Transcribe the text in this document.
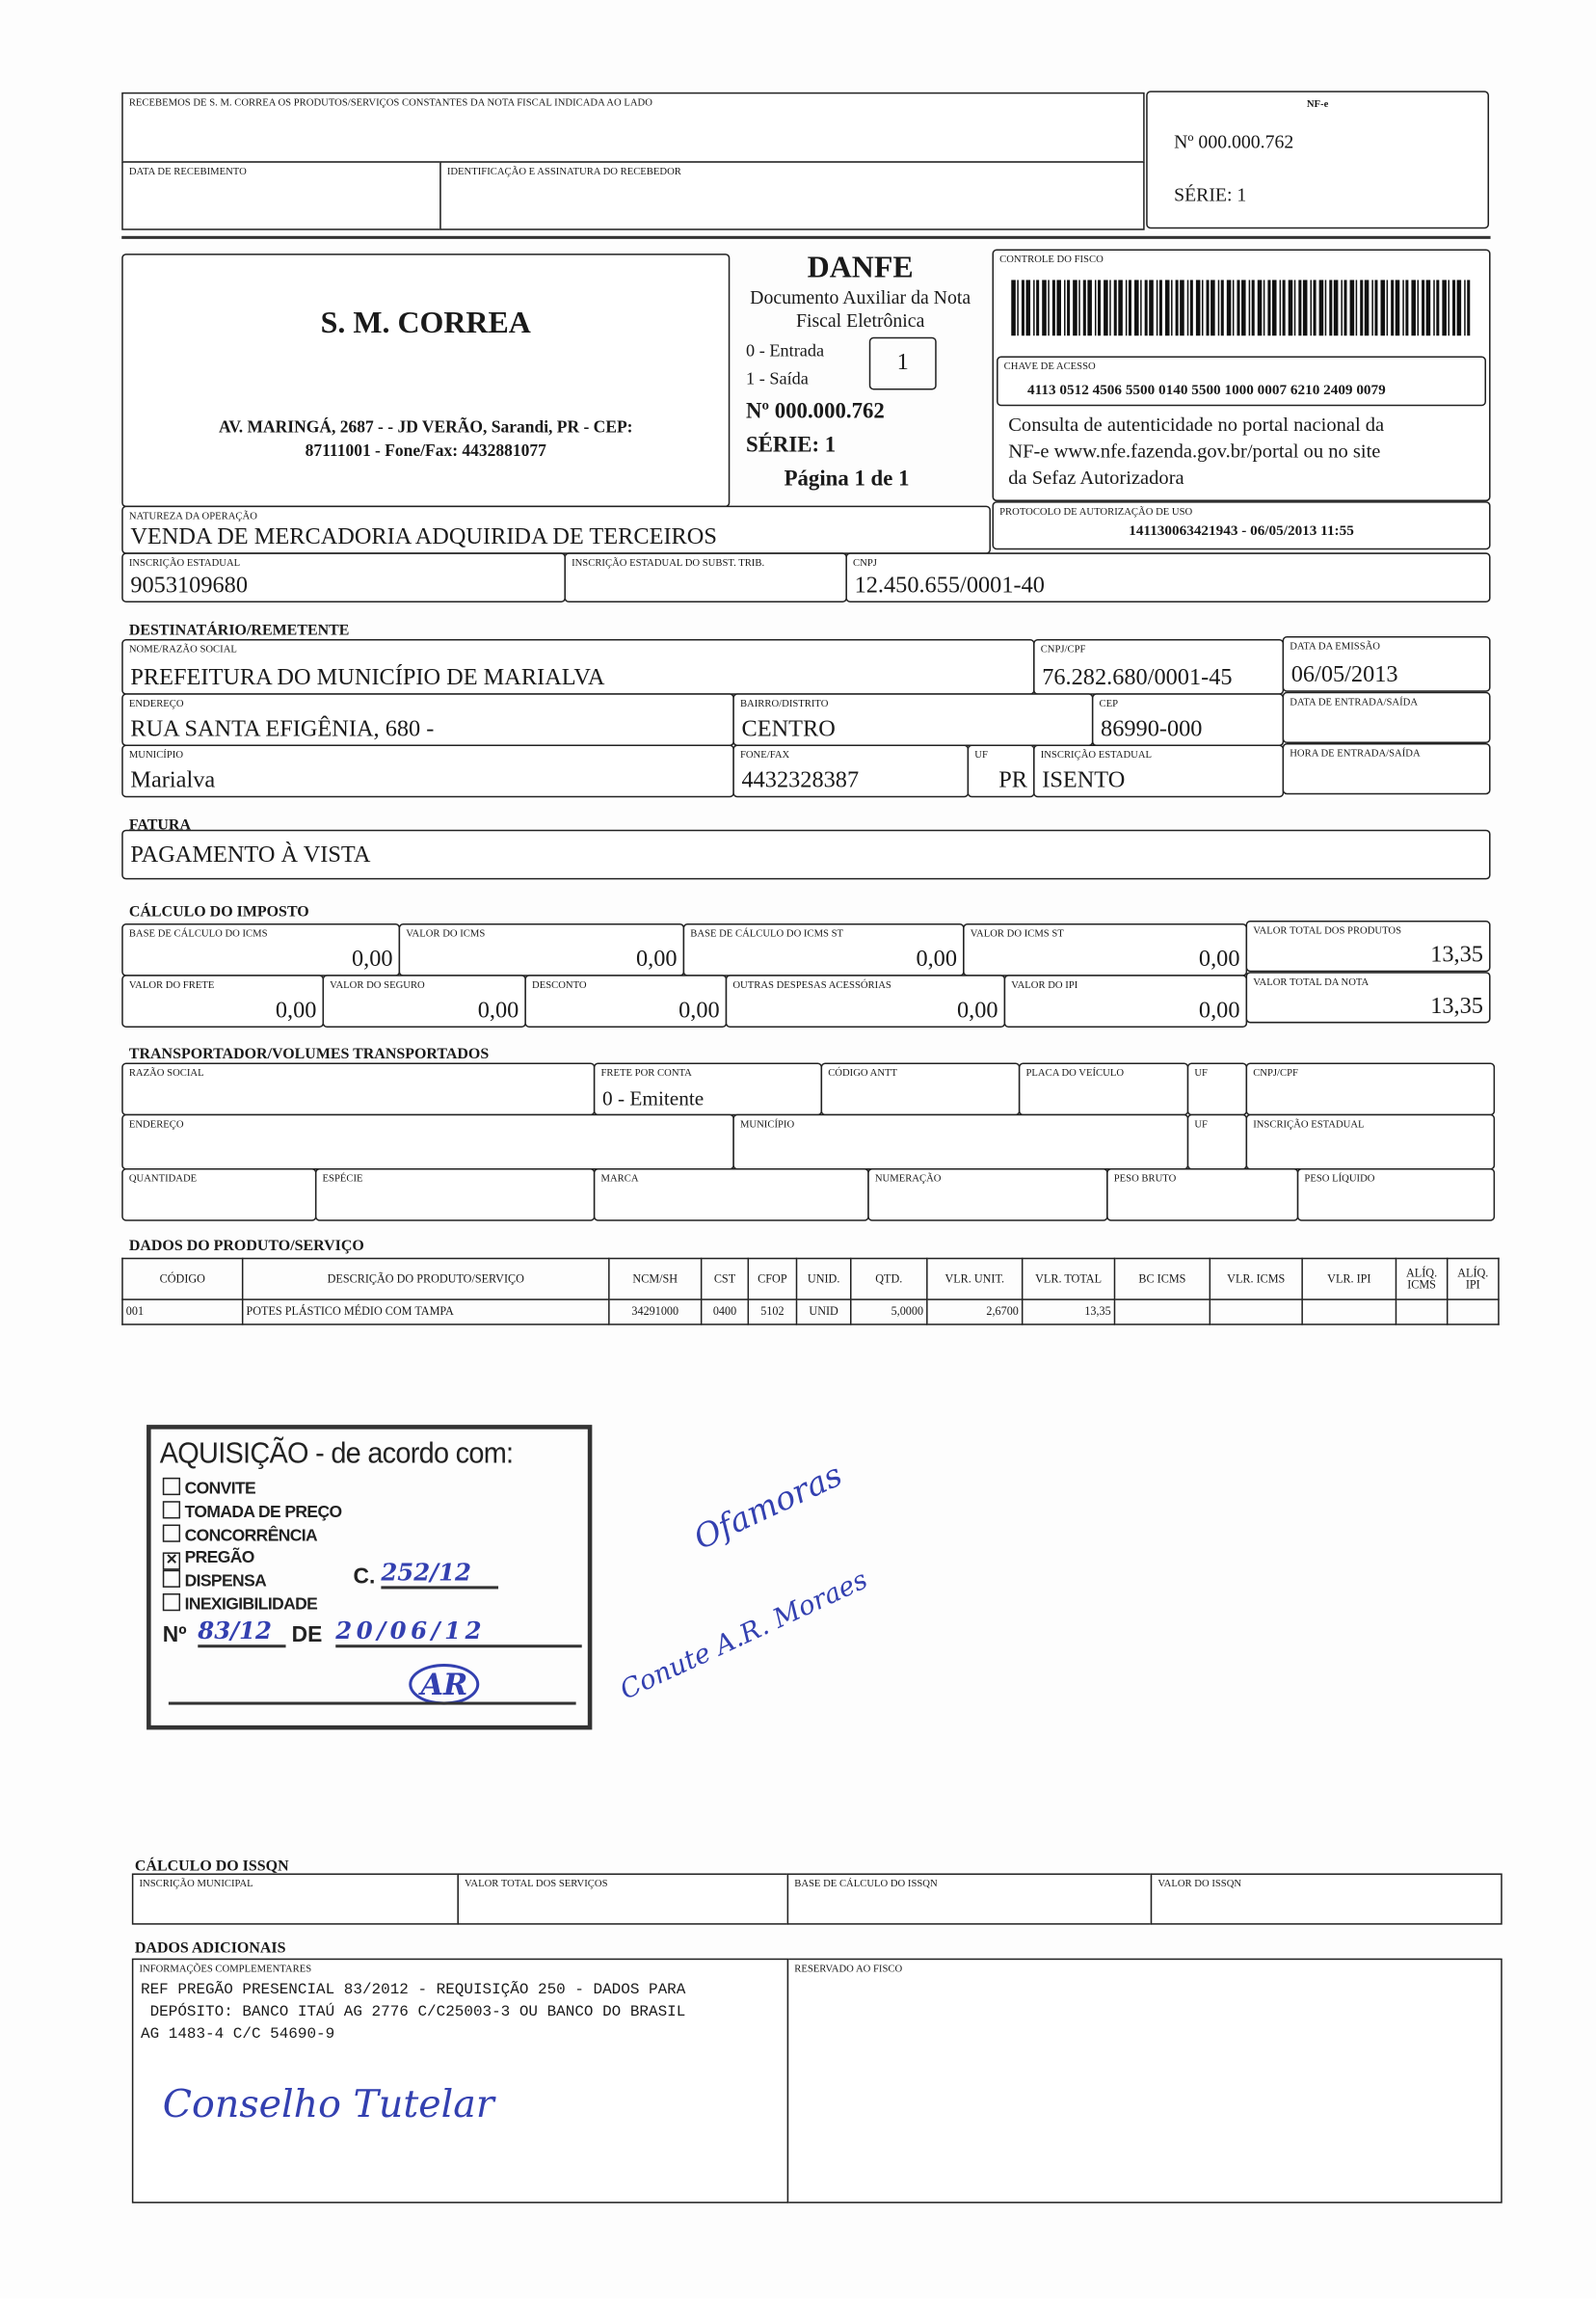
RECEBEMOS DE S. M. CORREA OS PRODUTOS/SERVIÇOS CONSTANTES DA NOTA FISCAL INDICADA AO LADO
DATA DE RECEBIMENTO	IDENTIFICAÇÃO E ASSINATURA DO RECEBEDOR
NF-e
Nº 000.000.762
SÉRIE: 1
S. M. CORREA
AV. MARINGÁ, 2687 - - JD VERÃO, Sarandi, PR - CEP:
87111001 - Fone/Fax: 4432881077
DANFE
Documento Auxiliar da Nota
Fiscal Eletrônica
0 - Entrada
1 - Saída
1
Nº 000.000.762
SÉRIE: 1
Página 1 de 1
CONTROLE DO FISCO
CHAVE DE ACESSO
4113 0512 4506 5500 0140 5500 1000 0007 6210 2409 0079
Consulta de autenticidade no portal nacional da
NF-e www.nfe.fazenda.gov.br/portal ou no site
da Sefaz Autorizadora
NATUREZA DA OPERAÇÃO
VENDA DE MERCADORIA ADQUIRIDA DE TERCEIROS
PROTOCOLO DE AUTORIZAÇÃO DE USO
141130063421943 - 06/05/2013 11:55
INSCRIÇÃO ESTADUAL
9053109680
INSCRIÇÃO ESTADUAL DO SUBST. TRIB.	CNPJ
12.450.655/0001-40
NOME/RAZÃO SOCIAL
PREFEITURA DO MUNICÍPIO DE MARIALVA
CNPJ/CPF
76.282.680/0001-45
DATA DA EMISSÃO
06/05/2013
ENDEREÇO
RUA SANTA EFIGÊNIA, 680 -
BAIRRO/DISTRITO
CENTRO
CEP
86990-000
DATA DE ENTRADA/SAÍDA
MUNICÍPIO
Marialva
FONE/FAX
4432328387
UF
PR
INSCRIÇÃO ESTADUAL
ISENTO
HORA DE ENTRADA/SAÍDA
PAGAMENTO À VISTA
BASE DE CÁLCULO DO ICMS
0,00
VALOR DO ICMS
0,00
BASE DE CÁLCULO DO ICMS ST
0,00
VALOR DO ICMS ST
0,00
VALOR TOTAL DOS PRODUTOS
13,35
VALOR DO FRETE
0,00
VALOR DO SEGURO
0,00
DESCONTO
0,00
OUTRAS DESPESAS ACESSÓRIAS
0,00
VALOR DO IPI
0,00
VALOR TOTAL DA NOTA
13,35
RAZÃO SOCIAL	FRETE POR CONTA
0 - Emitente
CÓDIGO ANTT	PLACA DO VEÍCULO	UF	CNPJ/CPF
ENDEREÇO	MUNICÍPIO	UF	INSCRIÇÃO ESTADUAL
QUANTIDADE	ESPÉCIE	MARCA	NUMERAÇÃO	PESO BRUTO	PESO LÍQUIDO
INSCRIÇÃO MUNICIPAL	VALOR TOTAL DOS SERVIÇOS	BASE DE CÁLCULO DO ISSQN	VALOR DO ISSQN
RESERVADO AO FISCO
DESTINATÁRIO/REMETENTE
FATURA
CÁLCULO DO IMPOSTO
TRANSPORTADOR/VOLUMES TRANSPORTADOS
DADOS DO PRODUTO/SERVIÇO
CÁLCULO DO ISSQN
DADOS ADICIONAIS
CÓDIGO	DESCRIÇÃO DO PRODUTO/SERVIÇO	NCM/SH	CST	CFOP	UNID.	QTD.	VLR. UNIT.	VLR. TOTAL	BC ICMS	VLR. ICMS	VLR. IPI	ALÍQ. ICMS	ALÍQ. IPI
001	POTES PLÁSTICO MÉDIO COM TAMPA	34291000	0400	5102	UNID	5,0000	2,6700	13,35					
AQUISIÇÃO - de acordo com:
CONVITE
TOMADA DE PREÇO
CONCORRÊNCIA
✕ PREGÃO
DISPENSA
INEXIGIBILIDADE
C. 252/12
Nº 83/12	DE 20/06/12
AR
Ofamoras
Conute A.R. Moraes
INFORMAÇÕES COMPLEMENTARES
REF PREGÃO PRESENCIAL 83/2012 - REQUISIÇÃO 250 - DADOS PARA
DEPÓSITO: BANCO ITAÚ AG 2776 C/C25003-3 OU BANCO DO BRASIL
AG 1483-4 C/C 54690-9
Conselho Tutelar
